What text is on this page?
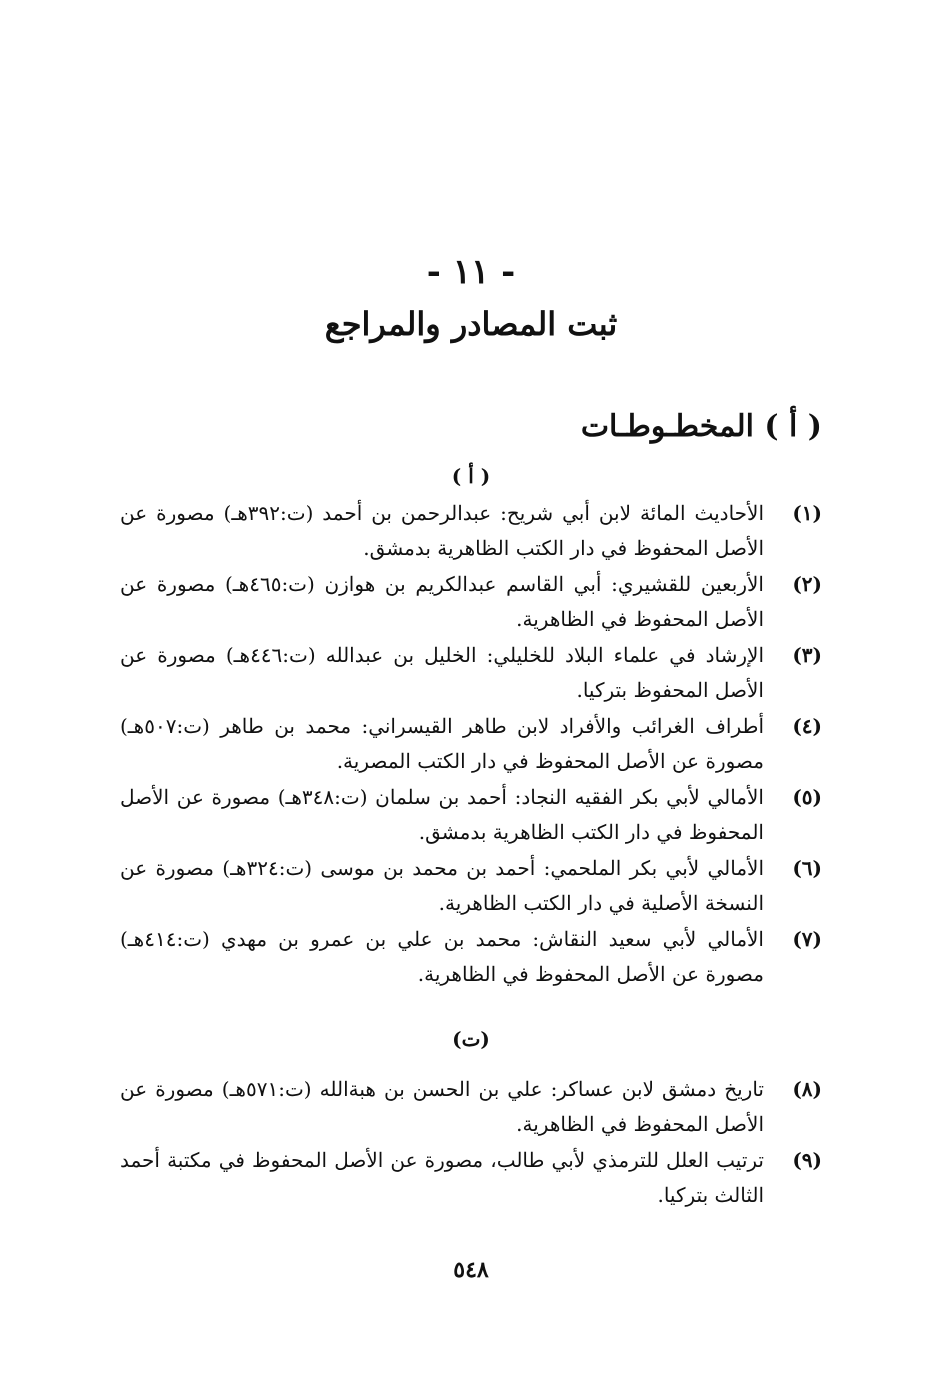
- ١١ -
ثبت المصادر والمراجع
( أ ) المخطـوطـات
( أ )
(١)
الأحاديث المائة لابن أبي شريح: عبدالرحمن بن أحمد (ت:٣٩٢هـ) مصورة عن الأصل المحفوظ في دار الكتب الظاهرية بدمشق.
(٢)
الأربعين للقشيري: أبي القاسم عبدالكريم بن هوازن (ت:٤٦٥هـ) مصورة عن الأصل المحفوظ في الظاهرية.
(٣)
الإرشاد في علماء البلاد للخليلي: الخليل بن عبدالله (ت:٤٤٦هـ) مصورة عن الأصل المحفوظ بتركيا.
(٤)
أطراف الغرائب والأفراد لابن طاهر القيسراني: محمد بن طاهر (ت:٥٠٧هـ) مصورة عن الأصل المحفوظ في دار الكتب المصرية.
(٥)
الأمالي لأبي بكر الفقيه النجاد: أحمد بن سلمان (ت:٣٤٨هـ) مصورة عن الأصل المحفوظ في دار الكتب الظاهرية بدمشق.
(٦)
الأمالي لأبي بكر الملحمي: أحمد بن محمد بن موسى (ت:٣٢٤هـ) مصورة عن النسخة الأصلية في دار الكتب الظاهرية.
(٧)
الأمالي لأبي سعيد النقاش: محمد بن علي بن عمرو بن مهدي (ت:٤١٤هـ) مصورة عن الأصل المحفوظ في الظاهرية.
(ت)
(٨)
تاريخ دمشق لابن عساكر: علي بن الحسن بن هبةالله (ت:٥٧١هـ) مصورة عن الأصل المحفوظ في الظاهرية.
(٩)
ترتيب العلل للترمذي لأبي طالب، مصورة عن الأصل المحفوظ في مكتبة أحمد الثالث بتركيا.
٥٤٨
